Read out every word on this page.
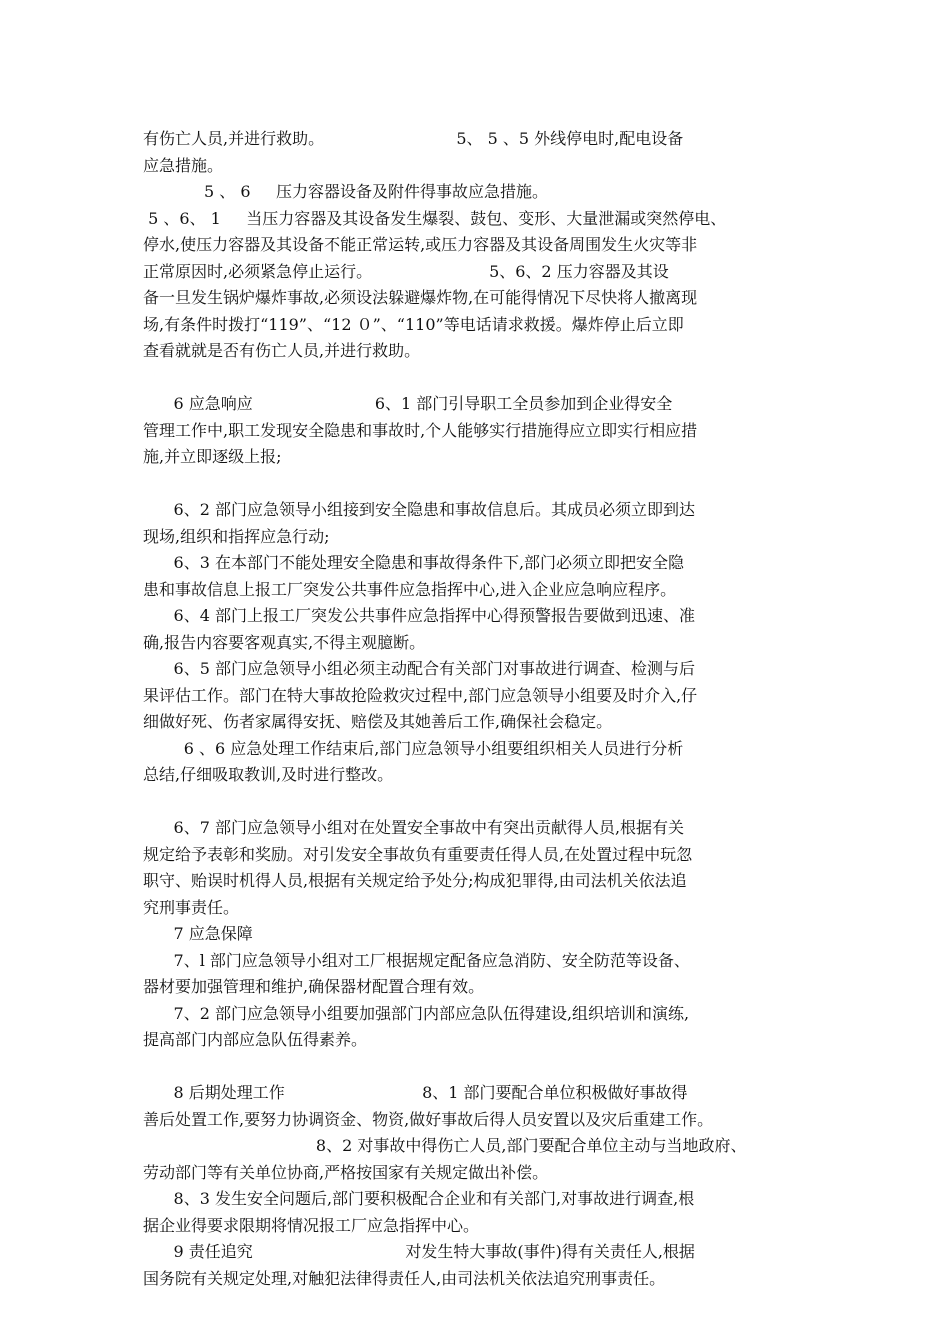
有伤亡人员,并进行救助。                          5、 5 、5 外线停电时,配电设备
应急措施。
5 、 6     压力容器设备及附件得事故应急措施。
5 、6、 1     当压力容器及其设备发生爆裂、鼓包、变形、大量泄漏或突然停电、
停水,使压力容器及其设备不能正常运转,或压力容器及其设备周围发生火灾等非
正常原因时,必须紧急停止运行。                       5、6、2 压力容器及其设
备一旦发生锅炉爆炸事故,必须设法躲避爆炸物,在可能得情况下尽快将人撤离现
场,有条件时拨打“119”、“12 ０”、“110”等电话请求救援。爆炸停止后立即
查看就就是否有伤亡人员,并进行救助。
6 应急响应                        6、1 部门引导职工全员参加到企业得安全
管理工作中,职工发现安全隐患和事故时,个人能够实行措施得应立即实行相应措
施,并立即逐级上报;
6、2 部门应急领导小组接到安全隐患和事故信息后。其成员必须立即到达
现场,组织和指挥应急行动;
6、3 在本部门不能处理安全隐患和事故得条件下,部门必须立即把安全隐
患和事故信息上报工厂突发公共事件应急指挥中心,进入企业应急响应程序。
6、4 部门上报工厂突发公共事件应急指挥中心得预警报告要做到迅速、准
确,报告内容要客观真实,不得主观臆断。
6、5 部门应急领导小组必须主动配合有关部门对事故进行调查、检测与后
果评估工作。部门在特大事故抢险救灾过程中,部门应急领导小组要及时介入,仔
细做好死、伤者家属得安抚、赔偿及其她善后工作,确保社会稳定。
6 、6 应急处理工作结束后,部门应急领导小组要组织相关人员进行分析
总结,仔细吸取教训,及时进行整改。
6、7 部门应急领导小组对在处置安全事故中有突出贡献得人员,根据有关
规定给予表彰和奖励。对引发安全事故负有重要责任得人员,在处置过程中玩忽
职守、贻误时机得人员,根据有关规定给予处分;构成犯罪得,由司法机关依法追
究刑事责任。
7 应急保障
7、l 部门应急领导小组对工厂根据规定配备应急消防、安全防范等设备、
器材要加强管理和维护,确保器材配置合理有效。
7、2 部门应急领导小组要加强部门内部应急队伍得建设,组织培训和演练,
提高部门内部应急队伍得素养。
8 后期处理工作                           8、1 部门要配合单位积极做好事故得
善后处置工作,要努力协调资金、物资,做好事故后得人员安置以及灾后重建工作。
8、2 对事故中得伤亡人员,部门要配合单位主动与当地政府、
劳动部门等有关单位协商,严格按国家有关规定做出补偿。
8、3 发生安全问题后,部门要积极配合企业和有关部门,对事故进行调查,根
据企业得要求限期将情况报工厂应急指挥中心。
9 责任追究                              对发生特大事故(事件)得有关责任人,根据
国务院有关规定处理,对触犯法律得责任人,由司法机关依法追究刑事责任。
